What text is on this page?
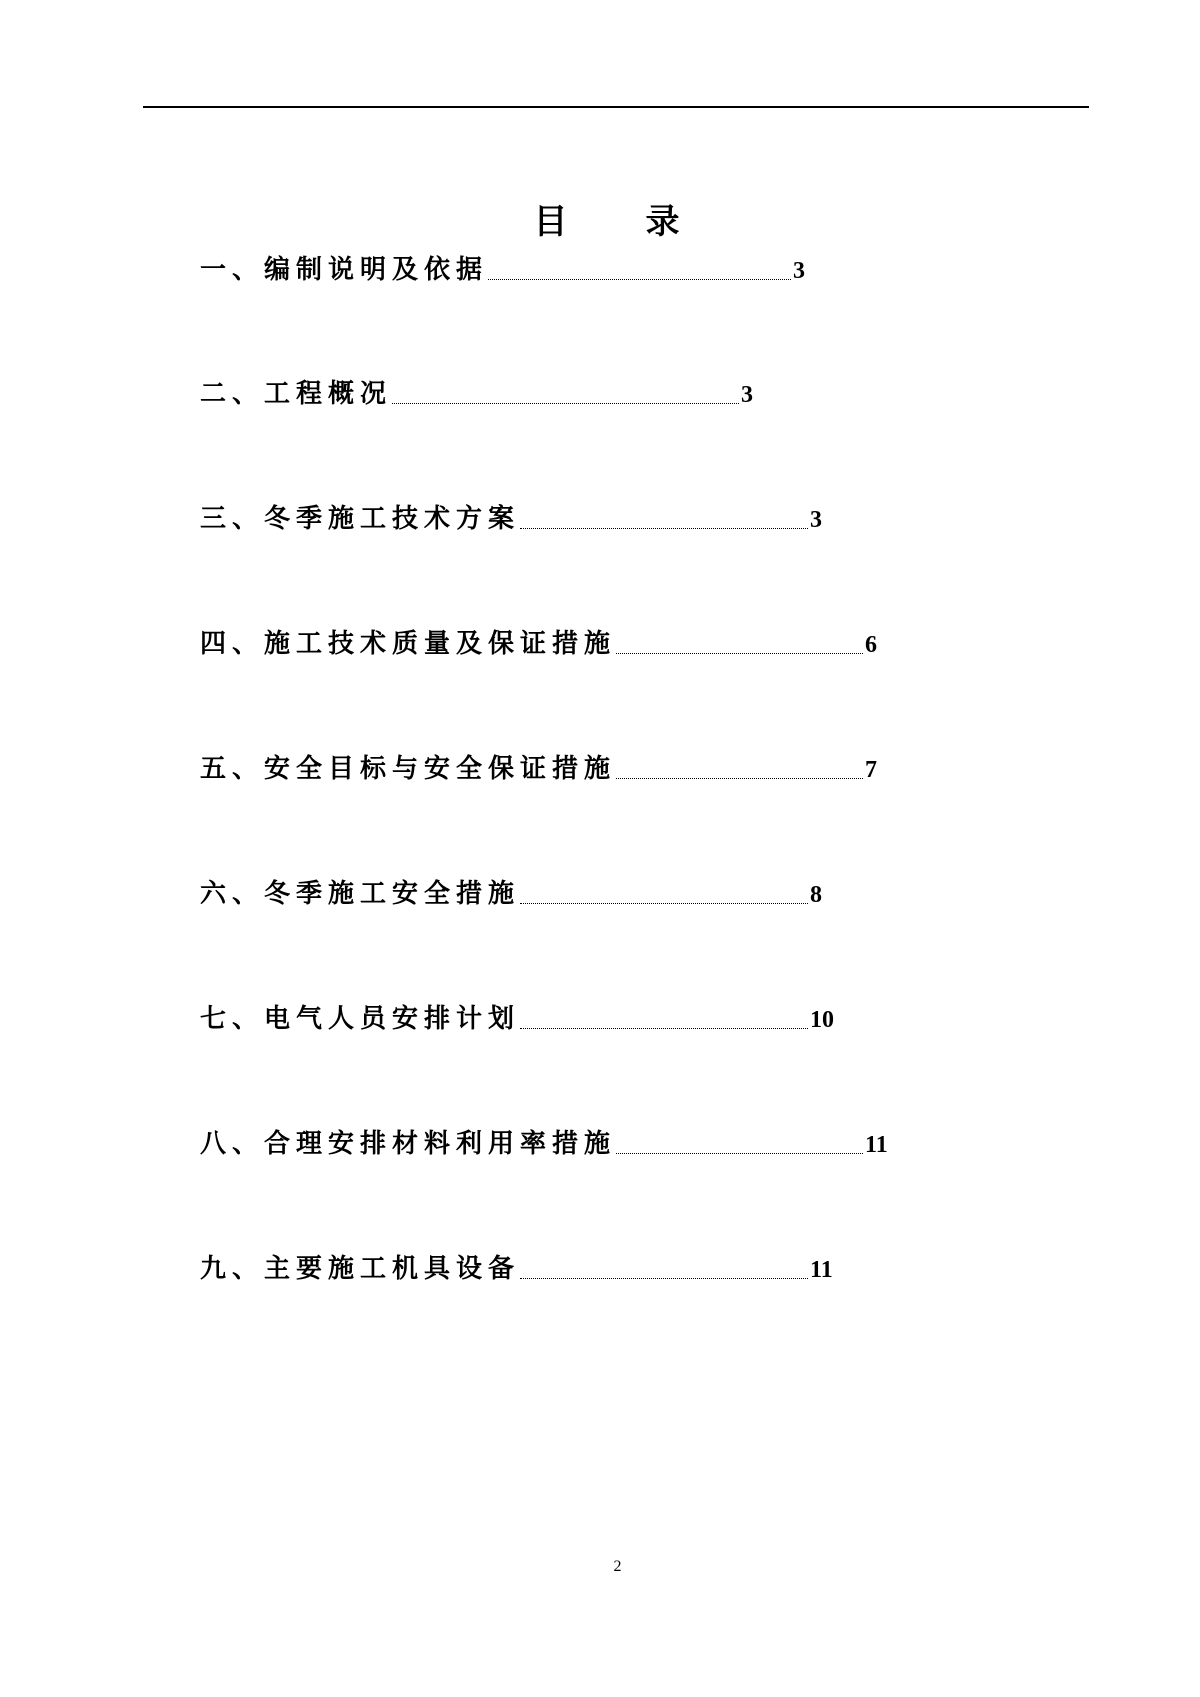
目　录
一、编制说明及依据	3
二、工程概况	3
三、冬季施工技术方案	3
四、施工技术质量及保证措施	6
五、安全目标与安全保证措施	7
六、冬季施工安全措施	8
七、电气人员安排计划	10
八、合理安排材料利用率措施	11
九、主要施工机具设备	11
2
